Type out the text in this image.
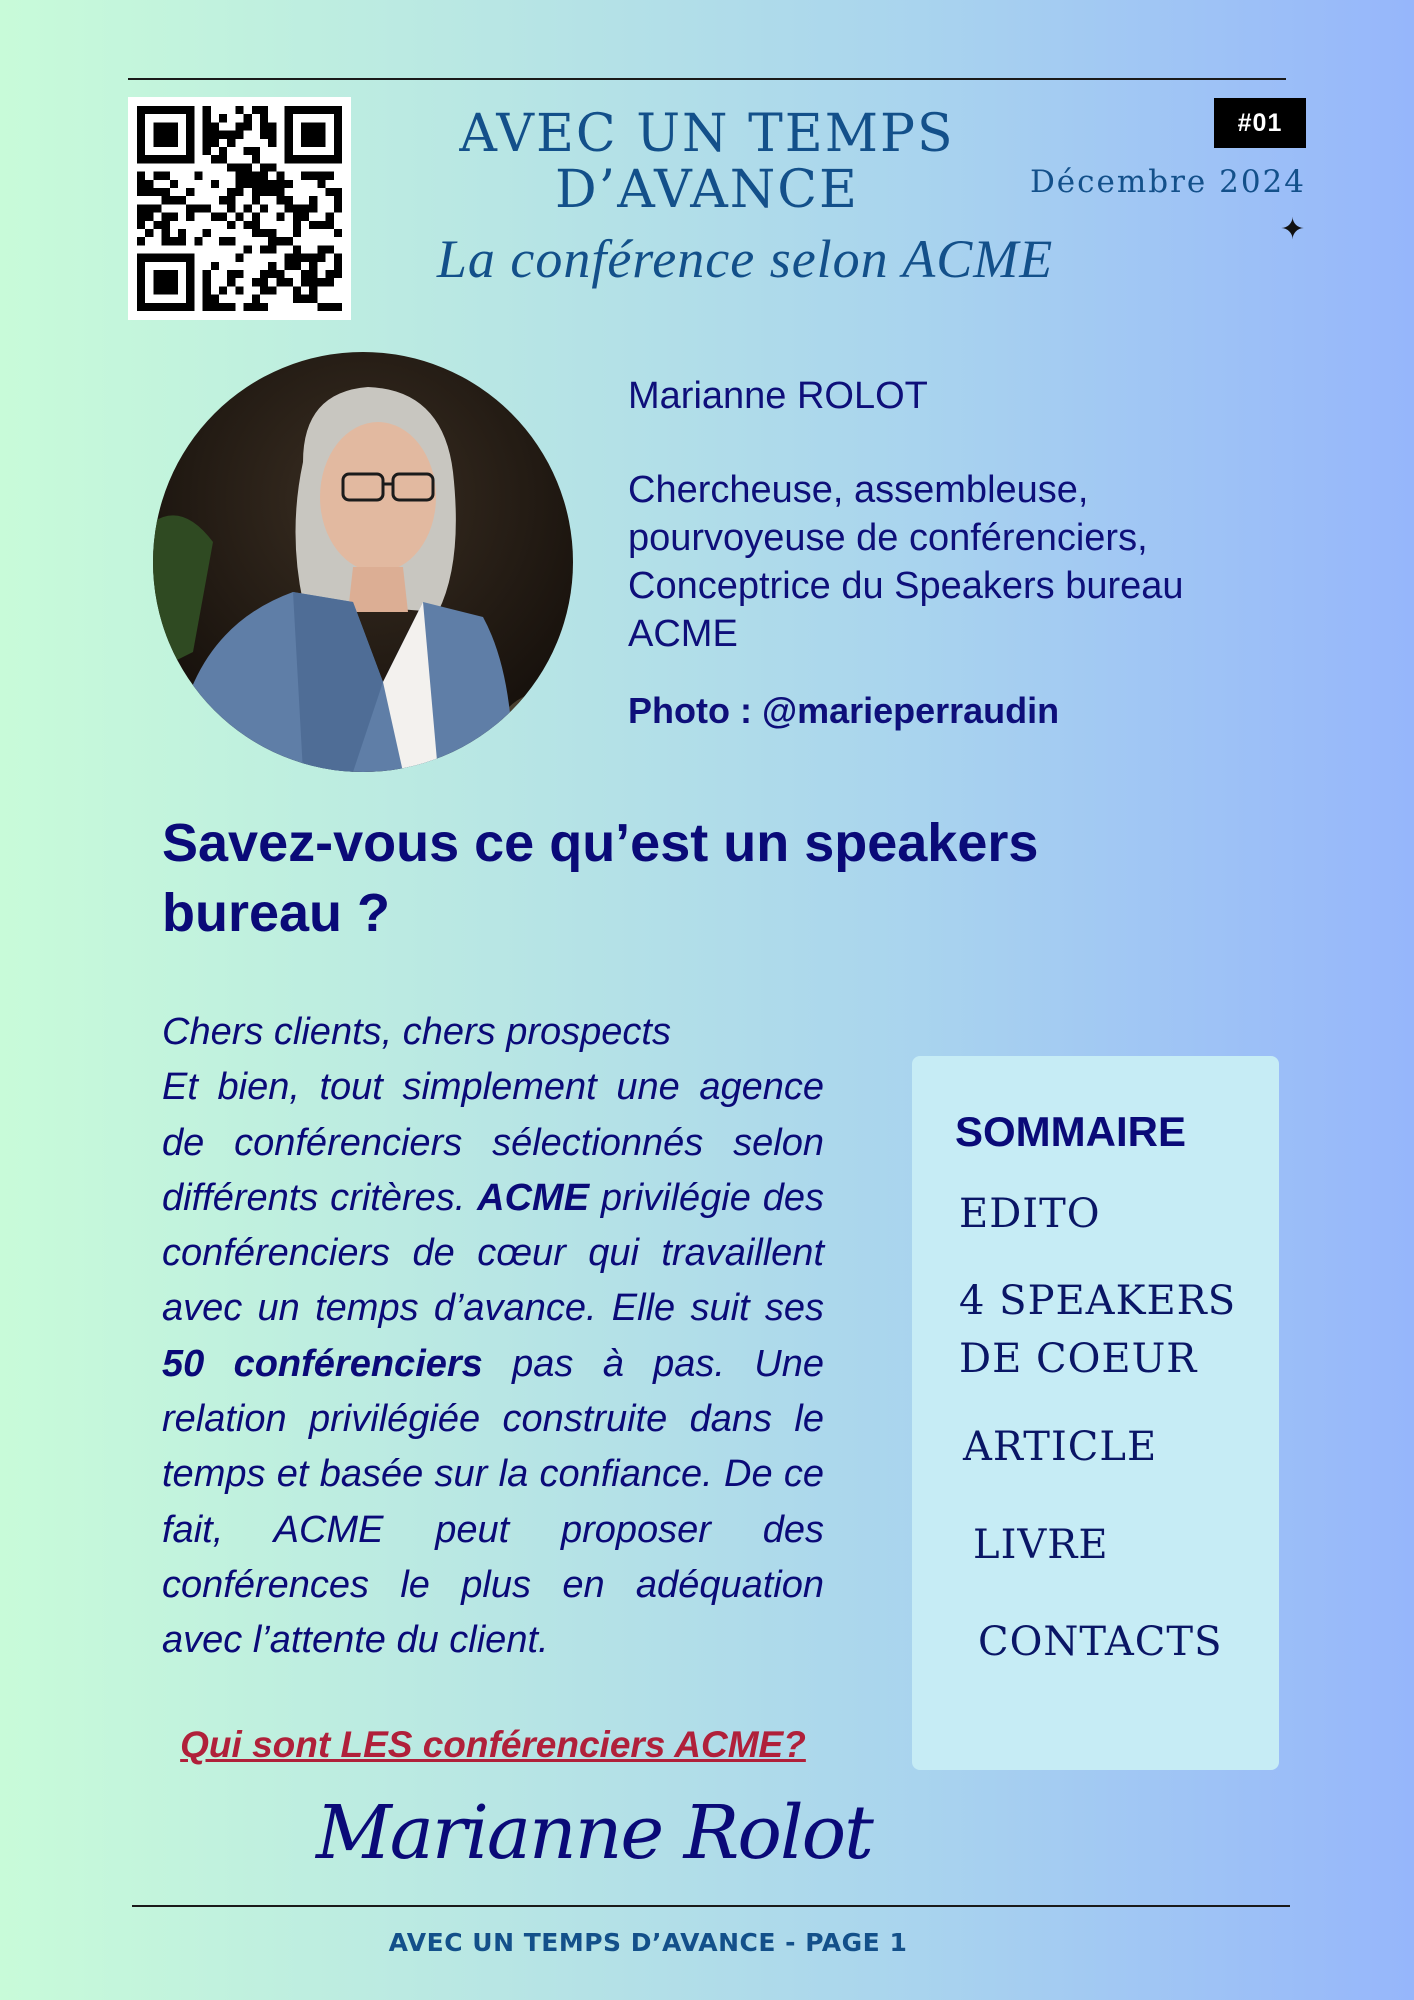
AVEC UN TEMPS
D’AVANCE
La conférence selon ACME
#01
Décembre 2024
✦

Marianne ROLOT

Chercheuse, assembleuse,
pourvoyeuse de conférenciers,
Conceptrice du Speakers bureau
ACME

Photo : @marieperraudin
Savez-vous ce qu’est un speakers bureau ?

Chers clients, chers prospects

Et bien, tout simplement une agence de conférenciers sélectionnés selon différents critères. ACME privilégie des conférenciers de cœur qui travaillent avec un temps d’avance. Elle suit ses 50 conférenciers pas à pas. Une relation privilégiée construite dans le temps et basée sur la confiance. De ce fait, ACME peut proposer des conférences le plus en adéquation avec l’attente du client.

Qui sont LES conférenciers ACME?
Marianne Rolot
SOMMAIRE
EDITO
4 SPEAKERS
DE COEUR
ARTICLE
LIVRE
CONTACTS
AVEC UN TEMPS D’AVANCE - PAGE 1
